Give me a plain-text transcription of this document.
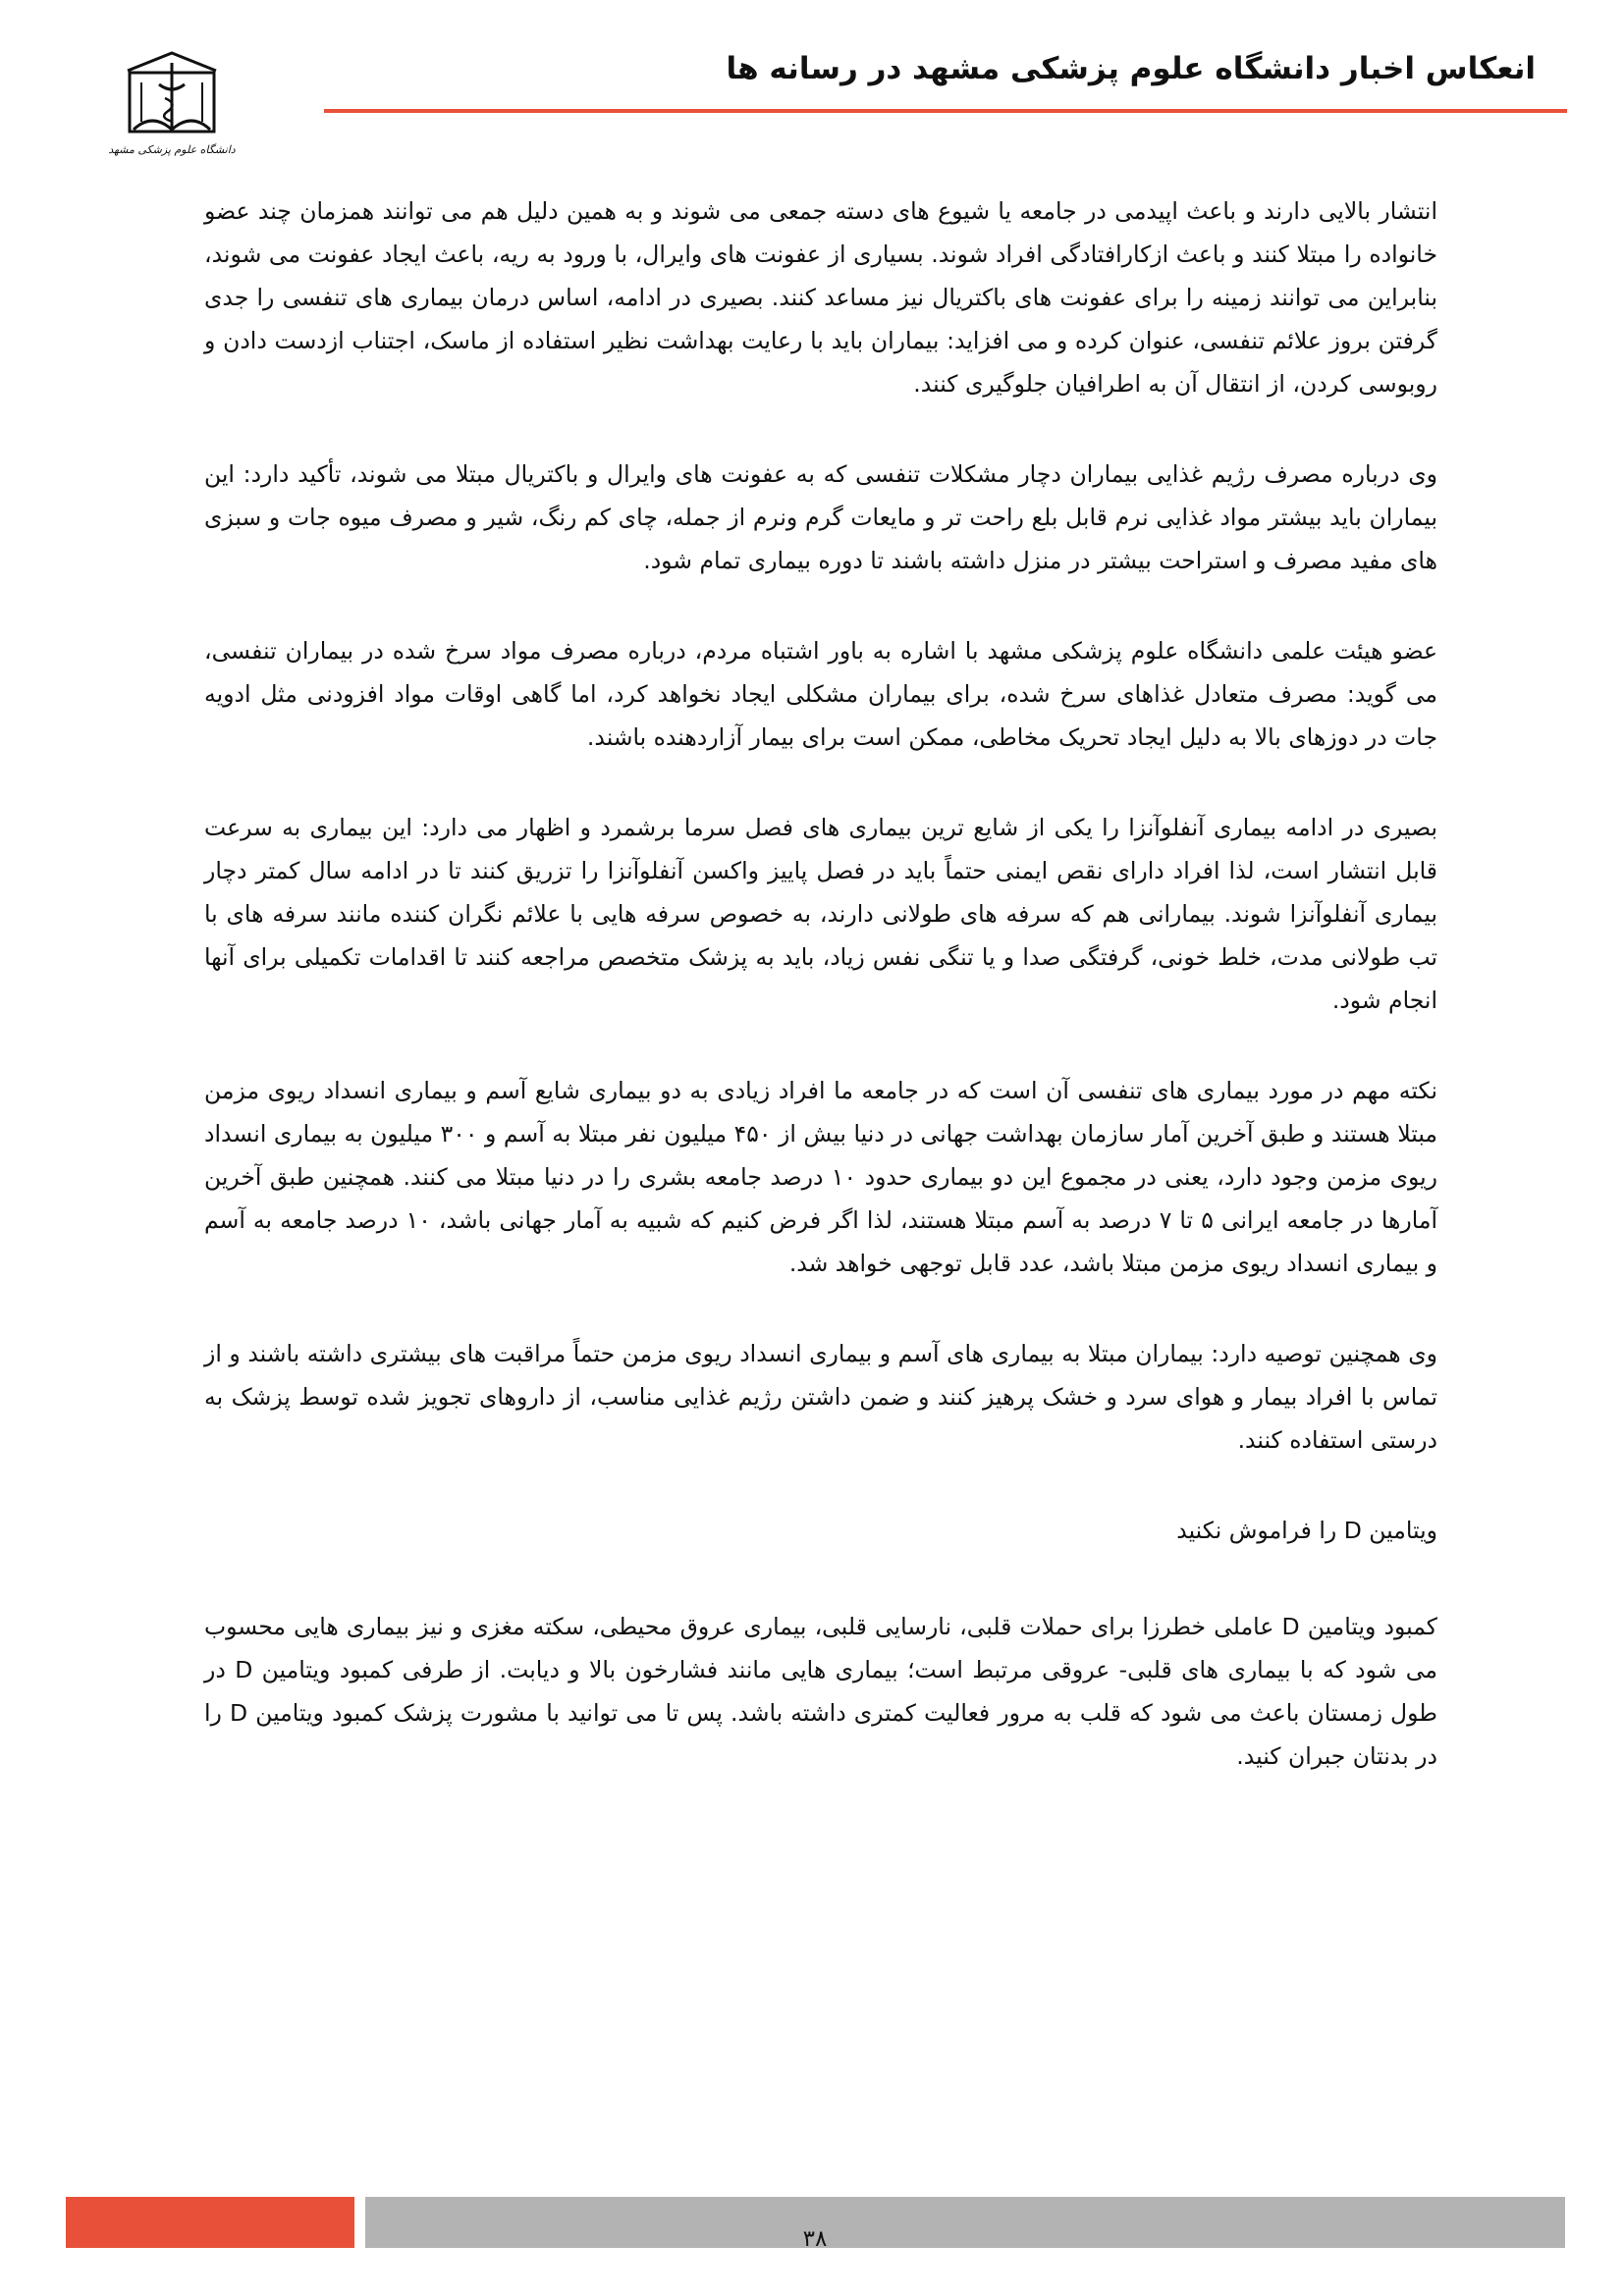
انعکاس اخبار دانشگاه علوم پزشکی مشهد در رسانه ها
دانشگاه علوم پزشکی مشهد

انتشار بالایی دارند و باعث اپیدمی در جامعه یا شیوع های دسته جمعی می شوند و به همین دلیل هم می توانند همزمان چند عضو خانواده را مبتلا کنند و باعث ازکارافتادگی افراد شوند. بسیاری از عفونت های وایرال، با ورود به ریه، باعث ایجاد عفونت می شوند، بنابراین می توانند زمینه را برای عفونت های باکتریال نیز مساعد کنند. بصیری در ادامه، اساس درمان بیماری های تنفسی را جدی گرفتن بروز علائم تنفسی، عنوان کرده و می افزاید: بیماران باید با رعایت بهداشت نظیر استفاده از ماسک، اجتناب ازدست دادن و روبوسی کردن، از انتقال آن به اطرافیان جلوگیری کنند.

وی درباره مصرف رژیم غذایی بیماران دچار مشکلات تنفسی که به عفونت های وایرال و باکتریال مبتلا می شوند، تأکید دارد: این بیماران باید بیشتر مواد غذایی نرم قابل بلع راحت تر و مایعات گرم ونرم از جمله، چای کم رنگ، شیر و مصرف میوه جات و سبزی های مفید مصرف و استراحت بیشتر در منزل داشته باشند تا دوره بیماری تمام شود.

عضو هیئت علمی دانشگاه علوم پزشکی مشهد با اشاره به باور اشتباه مردم، درباره مصرف مواد سرخ شده در بیماران تنفسی، می گوید: مصرف متعادل غذاهای سرخ شده، برای بیماران مشکلی ایجاد نخواهد کرد، اما گاهی اوقات مواد افزودنی مثل ادویه جات در دوزهای بالا به دلیل ایجاد تحریک مخاطی، ممکن است برای بیمار آزاردهنده باشند.

بصیری در ادامه بیماری آنفلوآنزا را یکی از شایع ترین بیماری های فصل سرما برشمرد و اظهار می دارد: این بیماری به سرعت قابل انتشار است، لذا افراد دارای نقص ایمنی حتماً باید در فصل پاییز واکسن آنفلوآنزا را تزریق کنند تا در ادامه سال کمتر دچار بیماری آنفلوآنزا شوند. بیمارانی هم که سرفه های طولانی دارند، به خصوص سرفه هایی با علائم نگران کننده مانند سرفه های با تب طولانی مدت، خلط خونی، گرفتگی صدا و یا تنگی نفس زیاد، باید به پزشک متخصص مراجعه کنند تا اقدامات تکمیلی برای آنها انجام شود.

نکته مهم در مورد بیماری های تنفسی آن است که در جامعه ما افراد زیادی به دو بیماری شایع آسم و بیماری انسداد ریوی مزمن مبتلا هستند و طبق آخرین آمار سازمان بهداشت جهانی در دنیا بیش از ۴۵۰ میلیون نفر مبتلا به آسم و ۳۰۰ میلیون به بیماری انسداد ریوی مزمن وجود دارد، یعنی در مجموع این دو بیماری حدود ۱۰ درصد جامعه بشری را در دنیا مبتلا می کنند. همچنین طبق آخرین آمارها در جامعه ایرانی ۵ تا ۷ درصد به آسم مبتلا هستند، لذا اگر فرض کنیم که شبیه به آمار جهانی باشد، ۱۰ درصد جامعه به آسم و بیماری انسداد ریوی مزمن مبتلا باشد، عدد قابل توجهی خواهد شد.

وی همچنین توصیه دارد: بیماران مبتلا به بیماری های آسم و بیماری انسداد ریوی مزمن حتماً مراقبت های بیشتری داشته باشند و از تماس با افراد بیمار و هوای سرد و خشک پرهیز کنند و ضمن داشتن رژیم غذایی مناسب، از داروهای تجویز شده توسط پزشک به درستی استفاده کنند.

ویتامین D را فراموش نکنید

کمبود ویتامین D عاملی خطرزا برای حملات قلبی، نارسایی قلبی، بیماری عروق محیطی، سکته مغزی و نیز بیماری هایی محسوب می شود که با بیماری های قلبی- عروقی مرتبط است؛ بیماری هایی مانند فشارخون بالا و دیابت. از طرفی کمبود ویتامین D در طول زمستان باعث می شود که قلب به مرور فعالیت کمتری داشته باشد. پس تا می توانید با مشورت پزشک کمبود ویتامین D را در بدنتان جبران کنید.

۳۸
